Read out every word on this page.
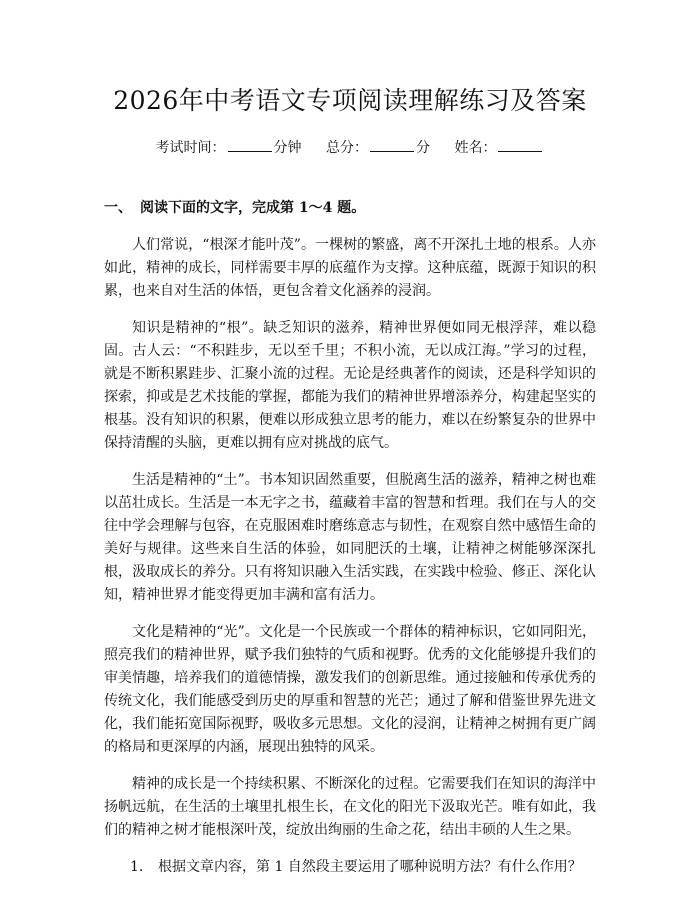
2026年中考语文专项阅读理解练习及答案
考试时间：	分钟 总分：	分 姓名：
一、 阅读下面的文字，完成第 1～4 题。

人们常说，“根深才能叶茂”。一棵树的繁盛，离不开深扎土地的根系。人亦如此，精神的成长，同样需要丰厚的底蕴作为支撑。这种底蕴，既源于知识的积累，也来自对生活的体悟，更包含着文化涵养的浸润。

知识是精神的“根”。缺乏知识的滋养，精神世界便如同无根浮萍，难以稳固。古人云：“不积跬步，无以至千里；不积小流，无以成江海。”学习的过程，就是不断积累跬步、汇聚小流的过程。无论是经典著作的阅读，还是科学知识的探索，抑或是艺术技能的掌握，都能为我们的精神世界增添养分，构建起坚实的根基。没有知识的积累，便难以形成独立思考的能力，难以在纷繁复杂的世界中保持清醒的头脑，更难以拥有应对挑战的底气。

生活是精神的“土”。书本知识固然重要，但脱离生活的滋养，精神之树也难以茁壮成长。生活是一本无字之书，蕴藏着丰富的智慧和哲理。我们在与人的交往中学会理解与包容，在克服困难时磨练意志与韧性，在观察自然中感悟生命的美好与规律。这些来自生活的体验，如同肥沃的土壤，让精神之树能够深深扎根，汲取成长的养分。只有将知识融入生活实践，在实践中检验、修正、深化认知，精神世界才能变得更加丰满和富有活力。

文化是精神的“光”。文化是一个民族或一个群体的精神标识，它如同阳光，照亮我们的精神世界，赋予我们独特的气质和视野。优秀的文化能够提升我们的审美情趣，培养我们的道德情操，激发我们的创新思维。通过接触和传承优秀的传统文化，我们能感受到历史的厚重和智慧的光芒；通过了解和借鉴世界先进文化，我们能拓宽国际视野，吸收多元思想。文化的浸润，让精神之树拥有更广阔的格局和更深厚的内涵，展现出独特的风采。

精神的成长是一个持续积累、不断深化的过程。它需要我们在知识的海洋中扬帆远航，在生活的土壤里扎根生长，在文化的阳光下汲取光芒。唯有如此，我们的精神之树才能根深叶茂，绽放出绚丽的生命之花，结出丰硕的人生之果。

1. 根据文章内容，第 1 自然段主要运用了哪种说明方法？有什么作用？
